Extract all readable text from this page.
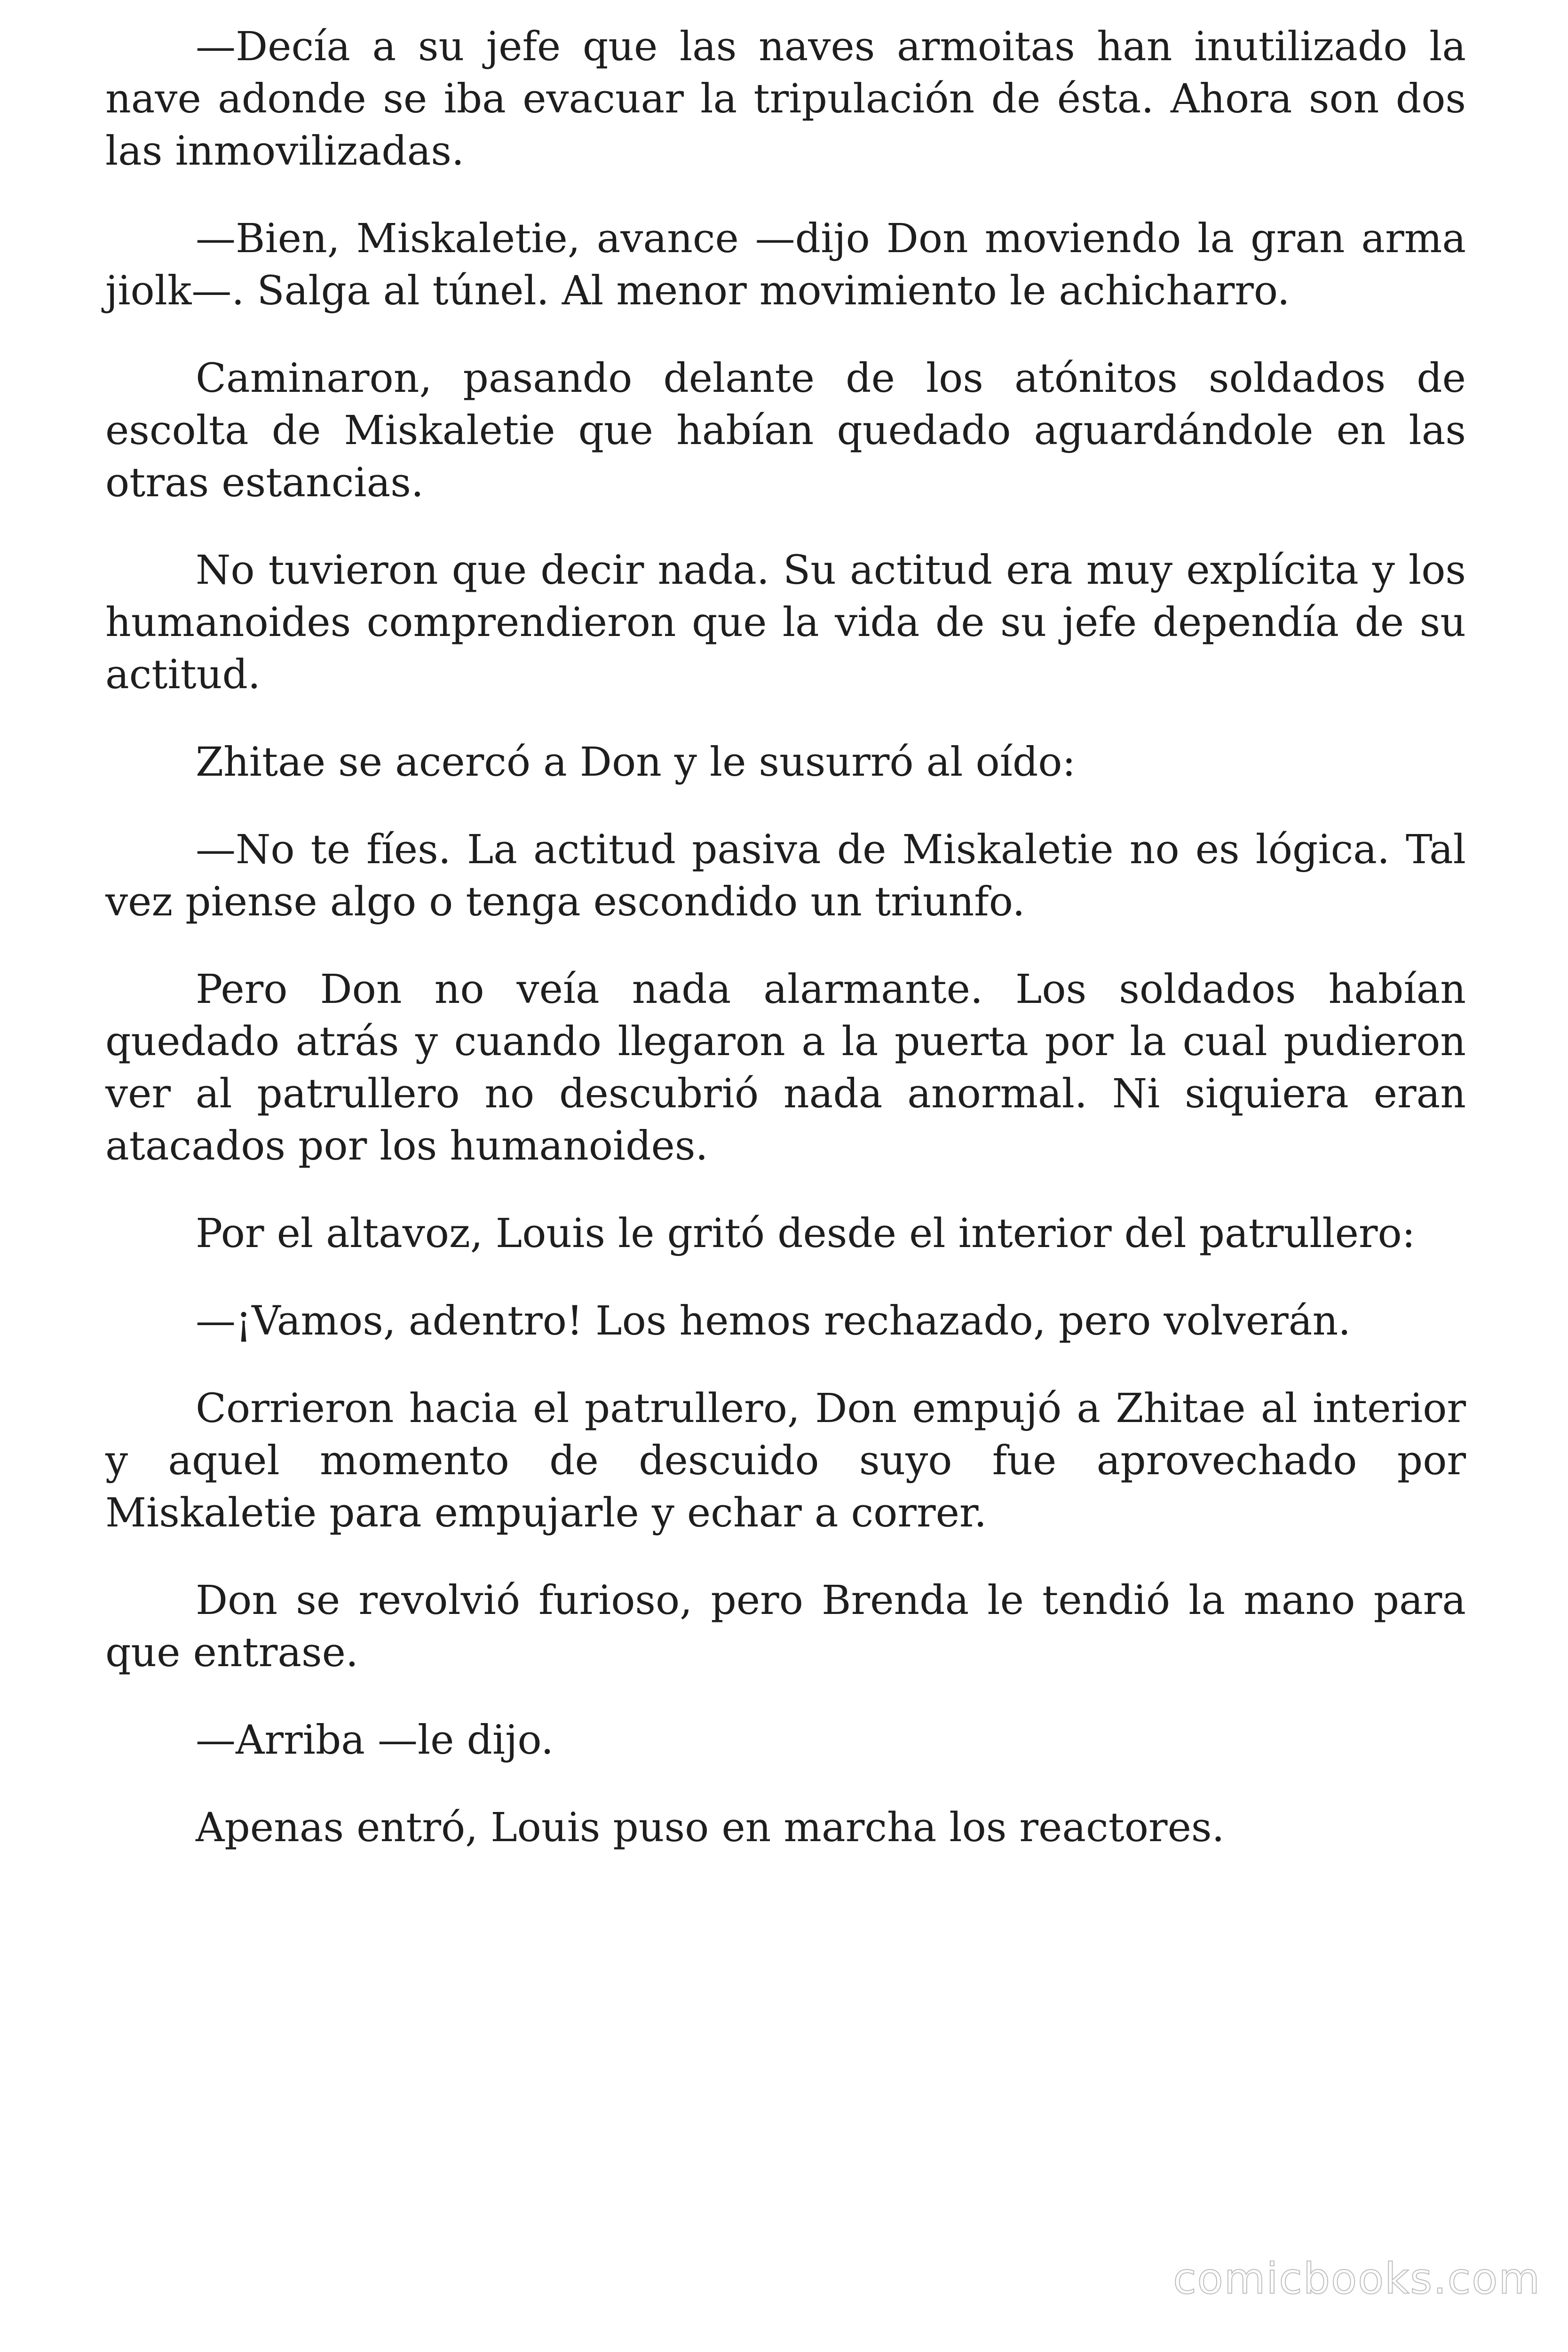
—Decía a su jefe que las naves armoitas han inutilizado la nave adonde se iba evacuar la tripulación de ésta. Ahora son dos las inmovilizadas.

—Bien, Miskaletie, avance —dijo Don moviendo la gran arma jiolk—. Salga al túnel. Al menor movimiento le achicharro.

Caminaron, pasando delante de los atónitos soldados de escolta de Miskaletie que habían quedado aguardándole en las otras estancias.

No tuvieron que decir nada. Su actitud era muy explícita y los humanoides comprendieron que la vida de su jefe dependía de su actitud.

Zhitae se acercó a Don y le susurró al oído:

—No te fíes. La actitud pasiva de Miskaletie no es lógica. Tal vez piense algo o tenga escondido un triunfo.

Pero Don no veía nada alarmante. Los soldados habían quedado atrás y cuando llegaron a la puerta por la cual pudieron ver al patrullero no descubrió nada anormal. Ni siquiera eran atacados por los humanoides.

Por el altavoz, Louis le gritó desde el interior del patrullero:

—¡Vamos, adentro! Los hemos rechazado, pero volverán.

Corrieron hacia el patrullero, Don empujó a Zhitae al interior y aquel momento de descuido suyo fue aprovechado por Miskaletie para empujarle y echar a correr.

Don se revolvió furioso, pero Brenda le tendió la mano para que entrase.

—Arriba —le dijo.

Apenas entró, Louis puso en marcha los reactores.

comicbooks.com
